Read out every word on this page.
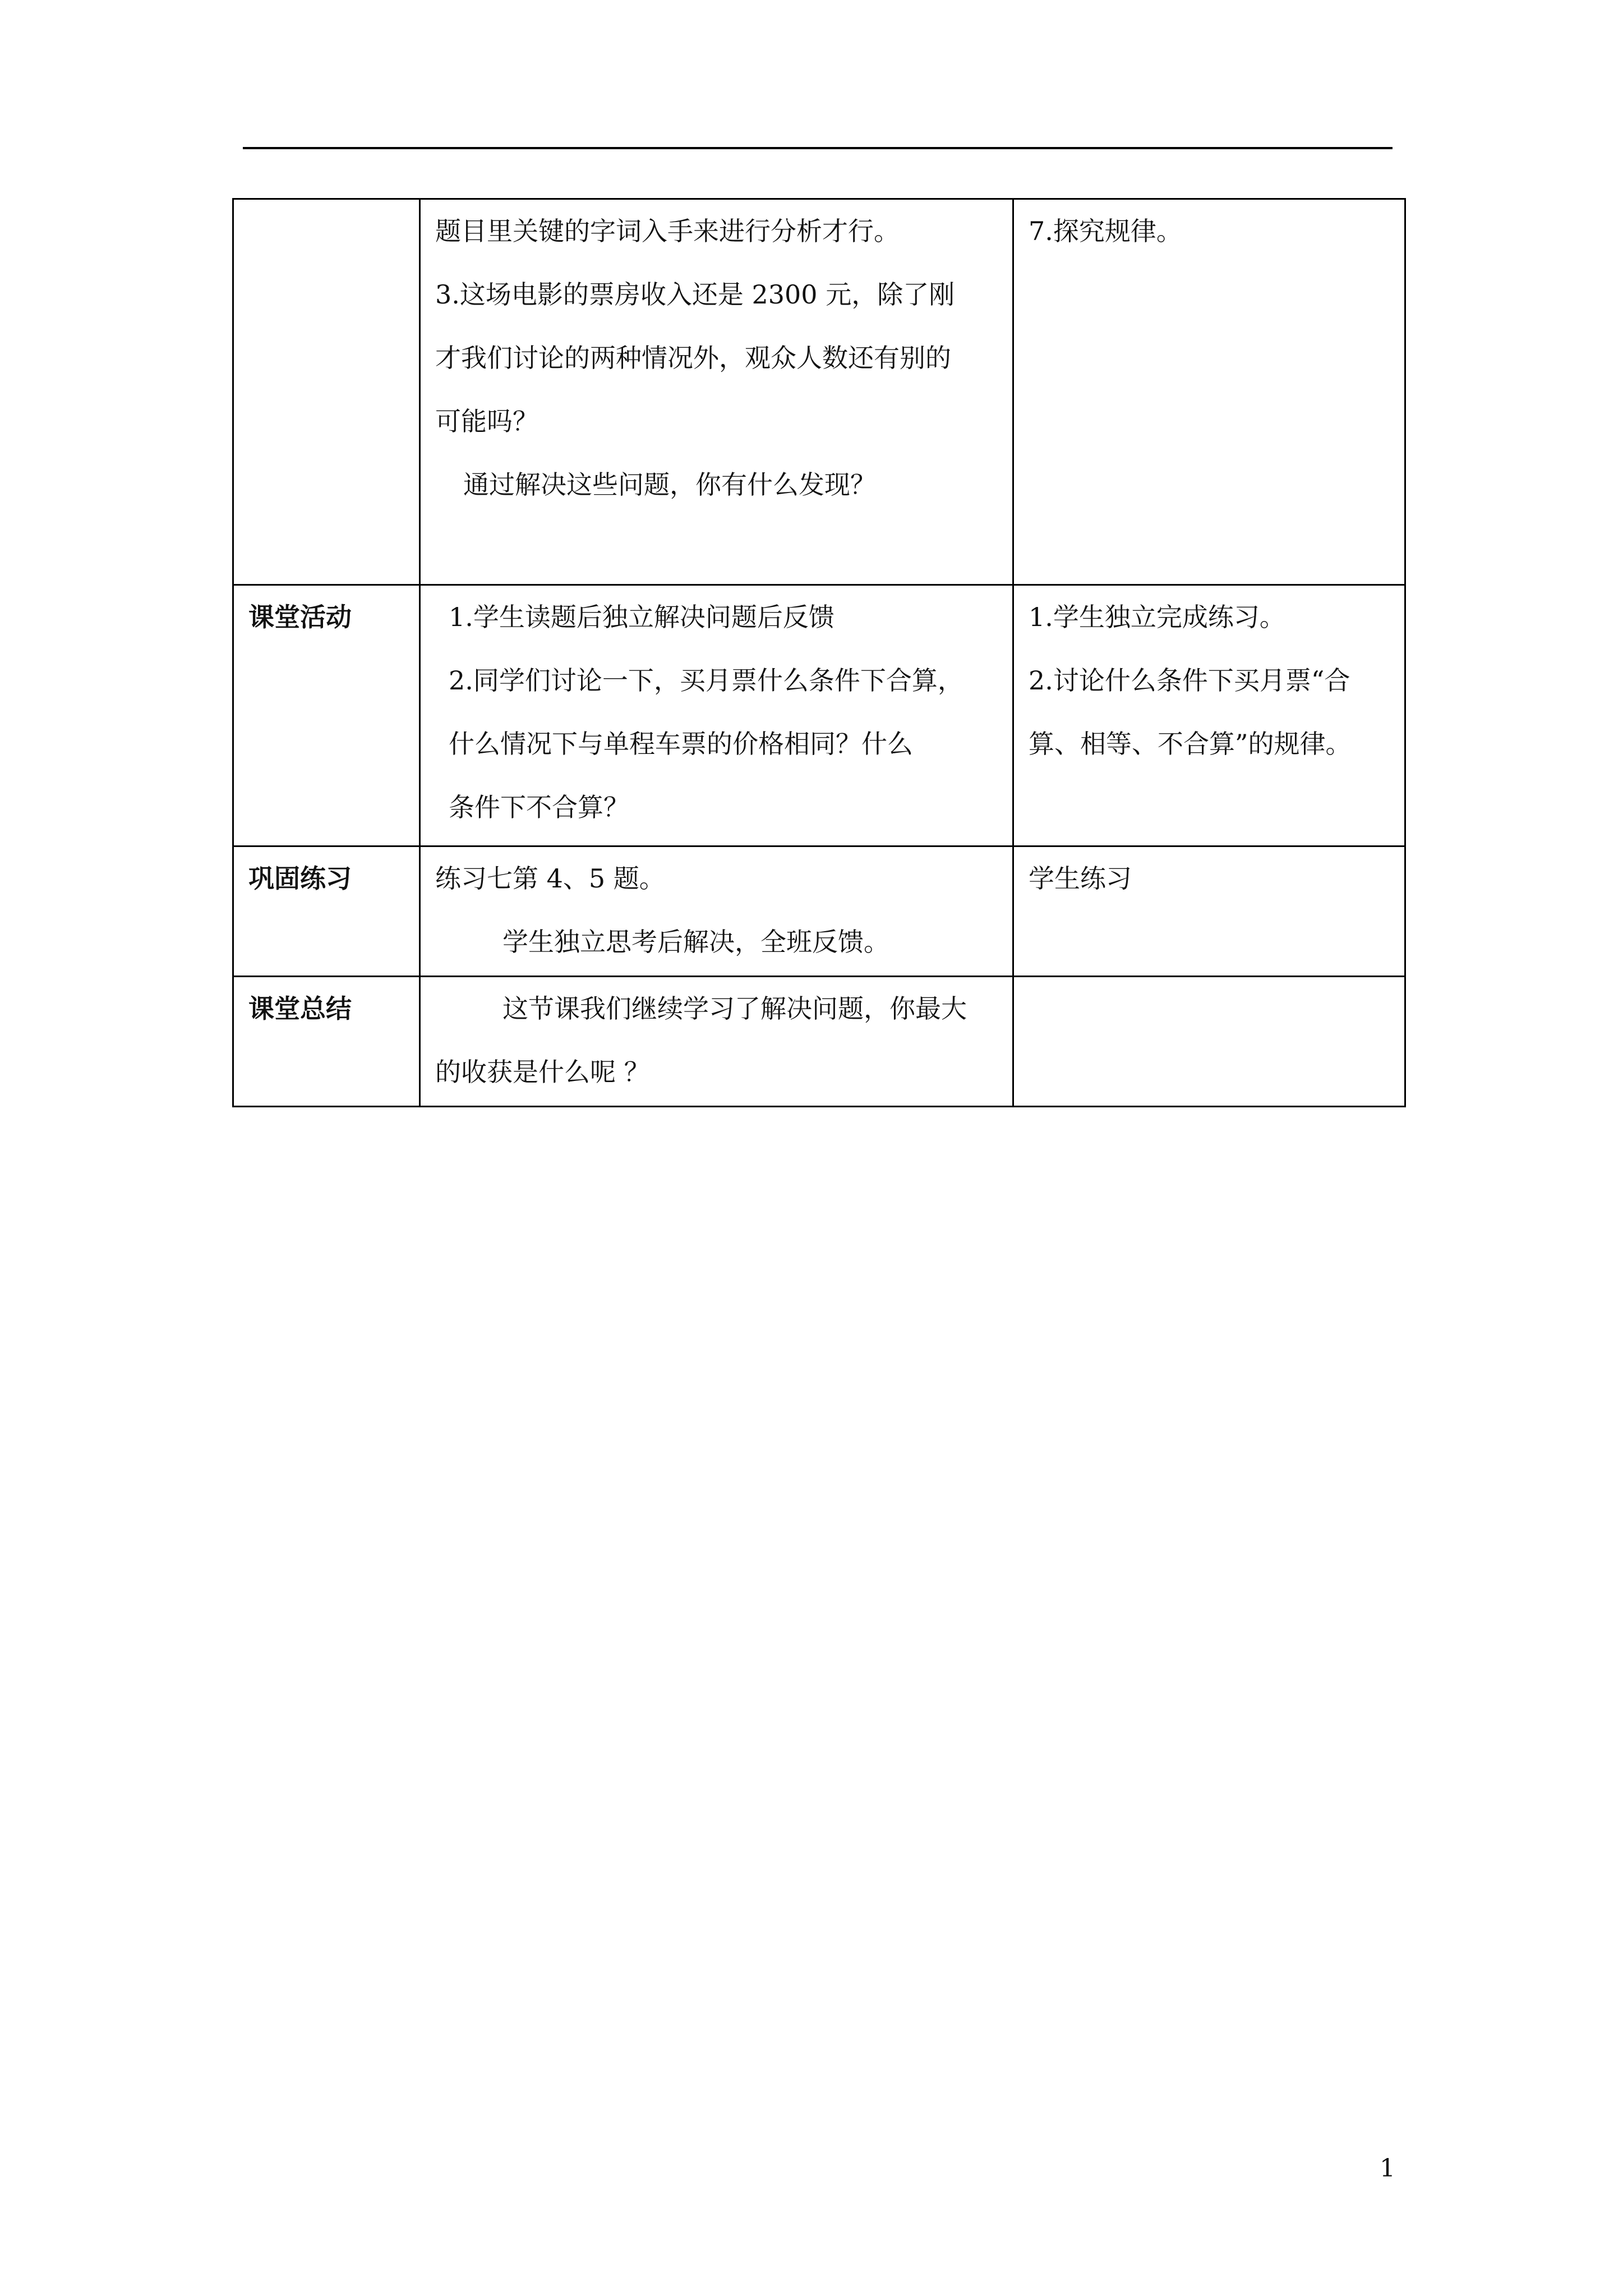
	题目里关键的字词入手来进行分析才行。
3.这场电影的票房收入还是 2300 元，除了刚
才我们讨论的两种情况外，观众人数还有别的
可能吗？
通过解决这些问题，你有什么发现？	7.探究规律。

课堂活动	1.学生读题后独立解决问题后反馈
2.同学们讨论一下，买月票什么条件下合算，
什么情况下与单程车票的价格相同？什么
条件下不合算？	1.学生独立完成练习。
2.讨论什么条件下买月票“合
算、相等、不合算”的规律。

巩固练习	练习七第 4、5 题。
学生独立思考后解决，全班反馈。	学生练习

课堂总结	这节课我们继续学习了解决问题，你最大
的收获是什么呢 ？	

1
